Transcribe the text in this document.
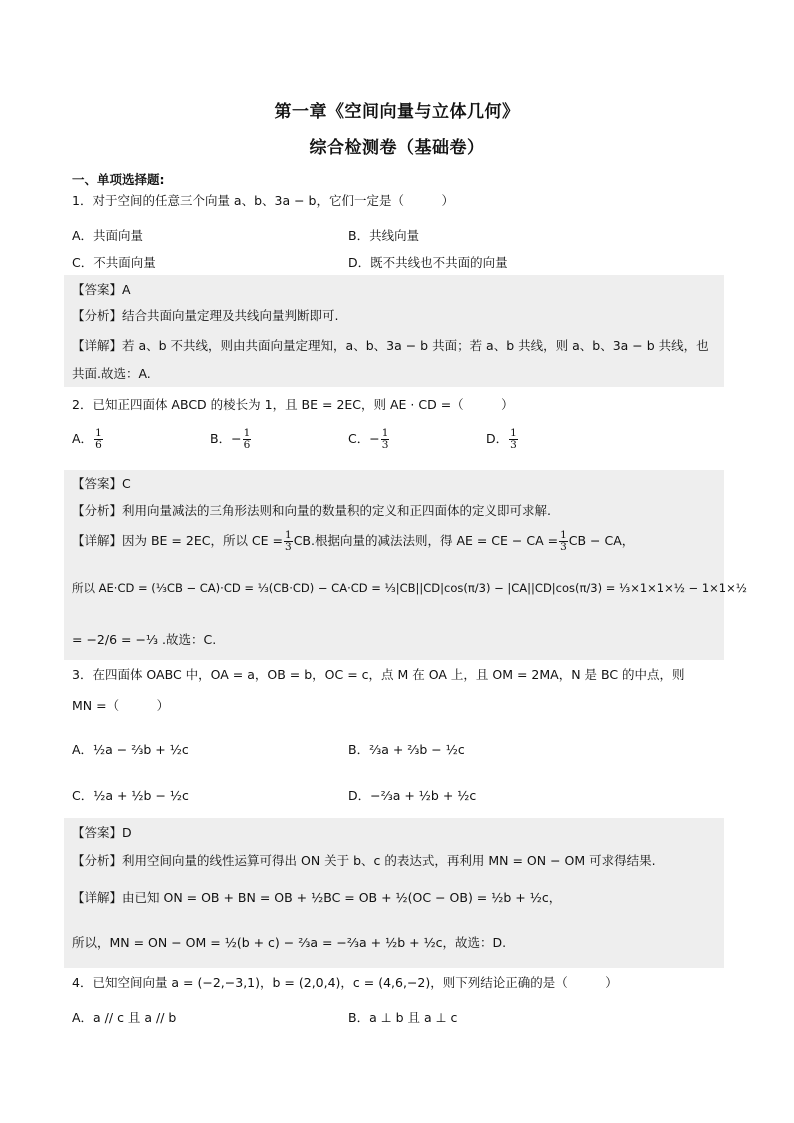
第一章《空间向量与立体几何》
综合检测卷（基础卷）
一、单项选择题:
1．对于空间的任意三个向量 a、b、3a − b，它们一定是（　　　）
A．共面向量	B．共线向量
C．不共面向量	D．既不共线也不共面的向量
【答案】A
【分析】结合共面向量定理及共线向量判断即可.
【详解】若 a、b 不共线，则由共面向量定理知，a、b、3a − b 共面；若 a、b 共线，则 a、b、3a − b 共线，也
共面.故选：A.
2．已知正四面体 ABCD 的棱长为 1，且 BE = 2EC，则 AE · CD =（　　　）
A． $\frac{1}{6}$	B．− $\frac{1}{6}$	C．− $\frac{1}{3}$	D． $\frac{1}{3}$
【答案】C
【分析】利用向量减法的三角形法则和向量的数量积的定义和正四面体的定义即可求解.
【详解】因为 BE = 2EC，所以 CE = $\frac{1}{3}$ CB.根据向量的减法法则，得 AE = CE − CA = $\frac{1}{3}$ CB − CA，
所以 AE·CD = (⅓CB − CA)·CD = ⅓(CB·CD) − CA·CD = ⅓|CB||CD|cos(π/3) − |CA||CD|cos(π/3) = ⅓×1×1×½ − 1×1×½
= −2/6 = −⅓ .故选：C.
3．在四面体 OABC 中，OA = a，OB = b，OC = c，点 M 在 OA 上，且 OM = 2MA，N 是 BC 的中点，则
MN =（　　　）
A．½a − ⅔b + ½c	B．⅔a + ⅔b − ½c
C．½a + ½b − ½c	D．−⅔a + ½b + ½c
【答案】D
【分析】利用空间向量的线性运算可得出 ON 关于 b、c 的表达式，再利用 MN = ON − OM 可求得结果.
【详解】由已知 ON = OB + BN = OB + ½BC = OB + ½(OC − OB) = ½b + ½c，
所以，MN = ON − OM = ½(b + c) − ⅔a = −⅔a + ½b + ½c，故选：D.
4．已知空间向量 a = (−2,−3,1)，b = (2,0,4)，c = (4,6,−2)，则下列结论正确的是（　　　）
A．a // c 且 a // b	B．a ⊥ b 且 a ⊥ c
